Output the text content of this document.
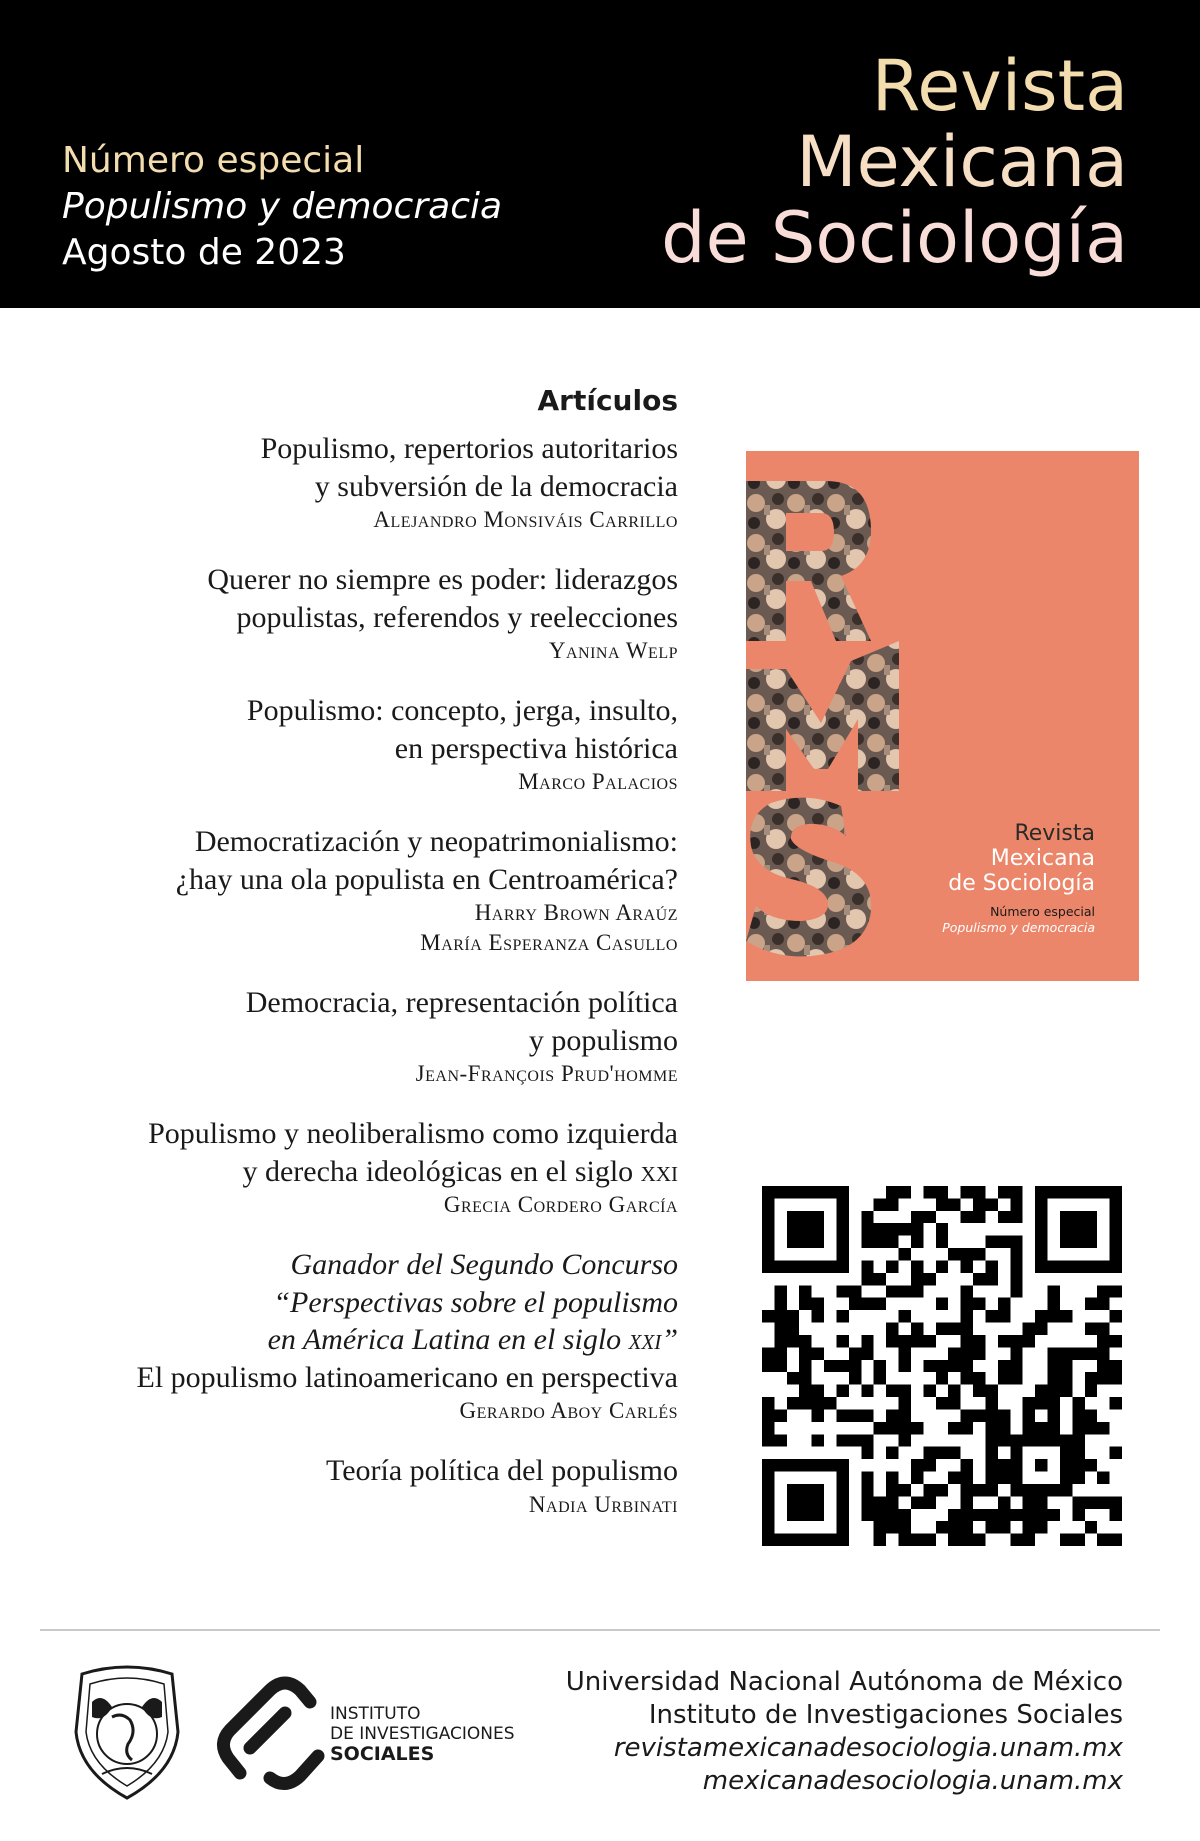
Número especial
Populismo y democracia
Agosto de 2023
Revista
Mexicana
de Sociología
Artículos
Populismo, repertorios autoritarios
y subversión de la democracia
Alejandro Monsiváis Carrillo
Querer no siempre es poder: liderazgos
populistas, referendos y reelecciones
Yanina Welp
Populismo: concepto, jerga, insulto,
en perspectiva histórica
Marco Palacios
Democratización y neopatrimonialismo:
¿hay una ola populista en Centroamérica?
Harry Brown Araúz
María Esperanza Casullo
Democracia, representación política
y populismo
Jean-François Prud'homme
Populismo y neoliberalismo como izquierda
y derecha ideológicas en el siglo xxi
Grecia Cordero García
Ganador del Segundo Concurso
“Perspectivas sobre el populismo
en América Latina en el siglo xxi”
El populismo latinoamericano en perspectiva
Gerardo Aboy Carlés
Teoría política del populismo
Nadia Urbinati
Revista
Mexicana
de Sociología
Número especial
Populismo y democracia
INSTITUTO
DE INVESTIGACIONES
SOCIALES
Universidad Nacional Autónoma de México
Instituto de Investigaciones Sociales
revistamexicanadesociologia.unam.mx
mexicanadesociologia.unam.mx
